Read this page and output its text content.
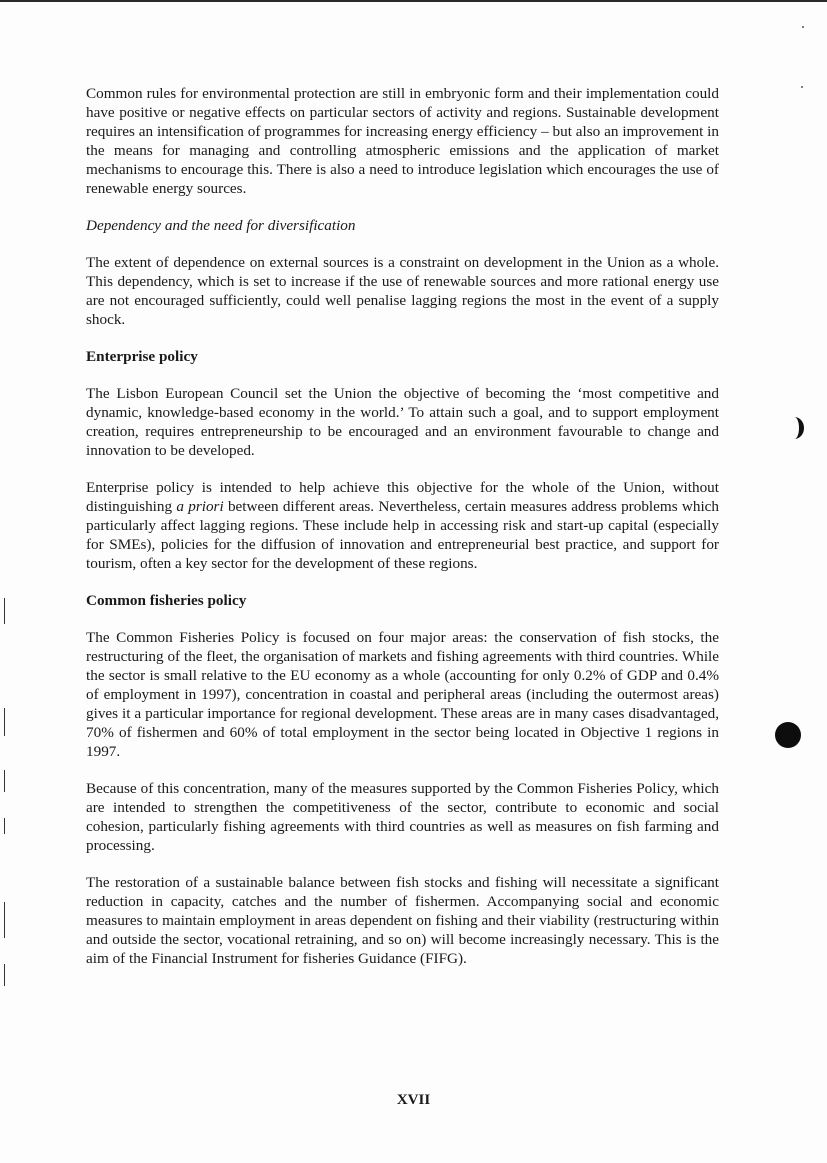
Common rules for environmental protection are still in embryonic form and their implementation could have positive or negative effects on particular sectors of activity and regions. Sustainable development requires an intensification of programmes for increasing energy efficiency – but also an improvement in the means for managing and controlling atmospheric emissions and the application of market mechanisms to encourage this. There is also a need to introduce legislation which encourages the use of renewable energy sources.

Dependency and the need for diversification

The extent of dependence on external sources is a constraint on development in the Union as a whole. This dependency, which is set to increase if the use of renewable sources and more rational energy use are not encouraged sufficiently, could well penalise lagging regions the most in the event of a supply shock.

Enterprise policy

The Lisbon European Council set the Union the objective of becoming the ‘most competitive and dynamic, knowledge-based economy in the world.’ To attain such a goal, and to support employment creation, requires entrepreneurship to be encouraged and an environment favourable to change and innovation to be developed.

Enterprise policy is intended to help achieve this objective for the whole of the Union, without distinguishing a priori between different areas. Nevertheless, certain measures address problems which particularly affect lagging regions. These include help in accessing risk and start-up capital (especially for SMEs), policies for the diffusion of innovation and entrepreneurial best practice, and support for tourism, often a key sector for the development of these regions.

Common fisheries policy

The Common Fisheries Policy is focused on four major areas: the conservation of fish stocks, the restructuring of the fleet, the organisation of markets and fishing agreements with third countries. While the sector is small relative to the EU economy as a whole (accounting for only 0.2% of GDP and 0.4% of employment in 1997), concentration in coastal and peripheral areas (including the outermost areas) gives it a particular importance for regional development. These areas are in many cases disadvantaged, 70% of fishermen and 60% of total employment in the sector being located in Objective 1 regions in 1997.

Because of this concentration, many of the measures supported by the Common Fisheries Policy, which are intended to strengthen the competitiveness of the sector, contribute to economic and social cohesion, particularly fishing agreements with third countries as well as measures on fish farming and processing.

The restoration of a sustainable balance between fish stocks and fishing will necessitate a significant reduction in capacity, catches and the number of fishermen. Accompanying social and economic measures to maintain employment in areas dependent on fishing and their viability (restructuring within and outside the sector, vocational retraining, and so on) will become increasingly necessary. This is the aim of the Financial Instrument for fisheries Guidance (FIFG).

XVII
